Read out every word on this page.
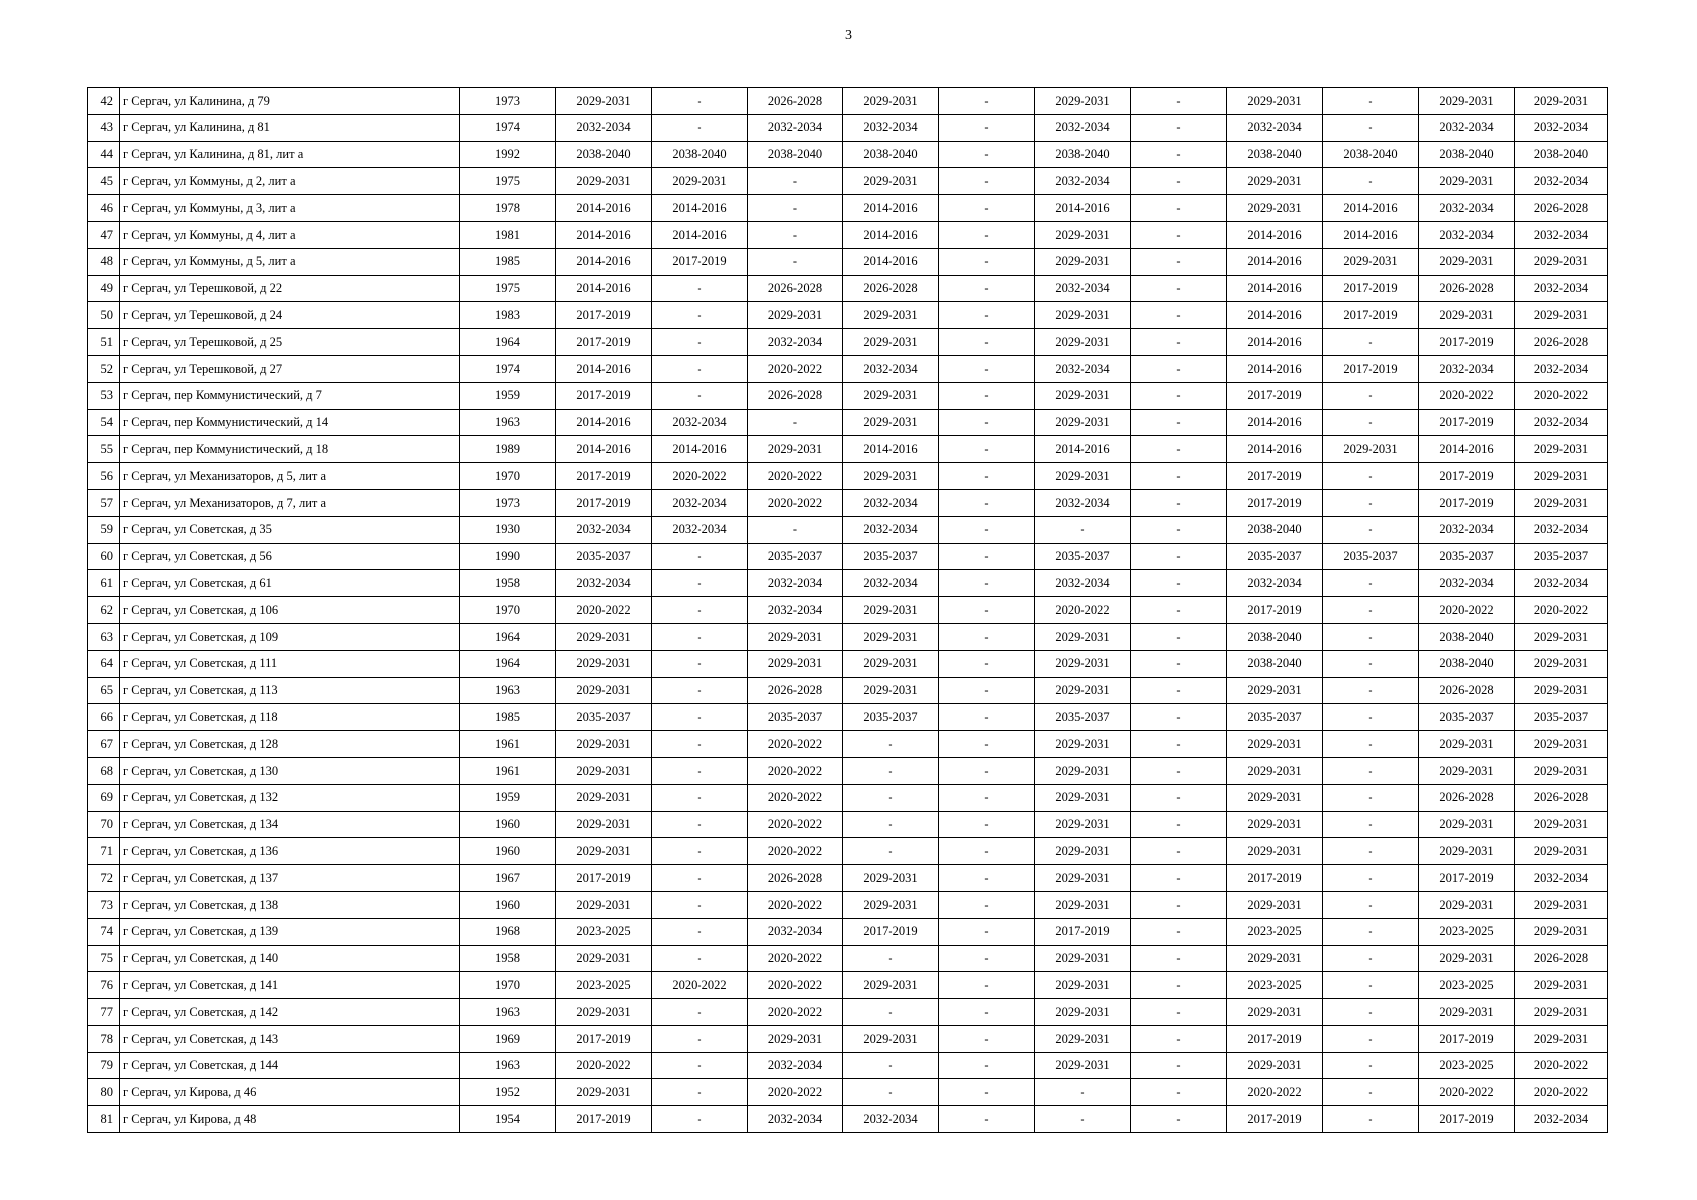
3
42	г Сергач, ул Калинина, д 79	1973	2029-2031	-	2026-2028	2029-2031	-	2029-2031	-	2029-2031	-	2029-2031	2029-2031
43	г Сергач, ул Калинина, д 81	1974	2032-2034	-	2032-2034	2032-2034	-	2032-2034	-	2032-2034	-	2032-2034	2032-2034
44	г Сергач, ул Калинина, д 81, лит а	1992	2038-2040	2038-2040	2038-2040	2038-2040	-	2038-2040	-	2038-2040	2038-2040	2038-2040	2038-2040
45	г Сергач, ул Коммуны, д 2, лит а	1975	2029-2031	2029-2031	-	2029-2031	-	2032-2034	-	2029-2031	-	2029-2031	2032-2034
46	г Сергач, ул Коммуны, д 3, лит а	1978	2014-2016	2014-2016	-	2014-2016	-	2014-2016	-	2029-2031	2014-2016	2032-2034	2026-2028
47	г Сергач, ул Коммуны, д 4, лит а	1981	2014-2016	2014-2016	-	2014-2016	-	2029-2031	-	2014-2016	2014-2016	2032-2034	2032-2034
48	г Сергач, ул Коммуны, д 5, лит а	1985	2014-2016	2017-2019	-	2014-2016	-	2029-2031	-	2014-2016	2029-2031	2029-2031	2029-2031
49	г Сергач, ул Терешковой, д 22	1975	2014-2016	-	2026-2028	2026-2028	-	2032-2034	-	2014-2016	2017-2019	2026-2028	2032-2034
50	г Сергач, ул Терешковой, д 24	1983	2017-2019	-	2029-2031	2029-2031	-	2029-2031	-	2014-2016	2017-2019	2029-2031	2029-2031
51	г Сергач, ул Терешковой, д 25	1964	2017-2019	-	2032-2034	2029-2031	-	2029-2031	-	2014-2016	-	2017-2019	2026-2028
52	г Сергач, ул Терешковой, д 27	1974	2014-2016	-	2020-2022	2032-2034	-	2032-2034	-	2014-2016	2017-2019	2032-2034	2032-2034
53	г Сергач, пер Коммунистический, д 7	1959	2017-2019	-	2026-2028	2029-2031	-	2029-2031	-	2017-2019	-	2020-2022	2020-2022
54	г Сергач, пер Коммунистический, д 14	1963	2014-2016	2032-2034	-	2029-2031	-	2029-2031	-	2014-2016	-	2017-2019	2032-2034
55	г Сергач, пер Коммунистический, д 18	1989	2014-2016	2014-2016	2029-2031	2014-2016	-	2014-2016	-	2014-2016	2029-2031	2014-2016	2029-2031
56	г Сергач, ул Механизаторов, д 5, лит а	1970	2017-2019	2020-2022	2020-2022	2029-2031	-	2029-2031	-	2017-2019	-	2017-2019	2029-2031
57	г Сергач, ул Механизаторов, д 7, лит а	1973	2017-2019	2032-2034	2020-2022	2032-2034	-	2032-2034	-	2017-2019	-	2017-2019	2029-2031
59	г Сергач, ул Советская, д 35	1930	2032-2034	2032-2034	-	2032-2034	-	-	-	2038-2040	-	2032-2034	2032-2034
60	г Сергач, ул Советская, д 56	1990	2035-2037	-	2035-2037	2035-2037	-	2035-2037	-	2035-2037	2035-2037	2035-2037	2035-2037
61	г Сергач, ул Советская, д 61	1958	2032-2034	-	2032-2034	2032-2034	-	2032-2034	-	2032-2034	-	2032-2034	2032-2034
62	г Сергач, ул Советская, д 106	1970	2020-2022	-	2032-2034	2029-2031	-	2020-2022	-	2017-2019	-	2020-2022	2020-2022
63	г Сергач, ул Советская, д 109	1964	2029-2031	-	2029-2031	2029-2031	-	2029-2031	-	2038-2040	-	2038-2040	2029-2031
64	г Сергач, ул Советская, д 111	1964	2029-2031	-	2029-2031	2029-2031	-	2029-2031	-	2038-2040	-	2038-2040	2029-2031
65	г Сергач, ул Советская, д 113	1963	2029-2031	-	2026-2028	2029-2031	-	2029-2031	-	2029-2031	-	2026-2028	2029-2031
66	г Сергач, ул Советская, д 118	1985	2035-2037	-	2035-2037	2035-2037	-	2035-2037	-	2035-2037	-	2035-2037	2035-2037
67	г Сергач, ул Советская, д 128	1961	2029-2031	-	2020-2022	-	-	2029-2031	-	2029-2031	-	2029-2031	2029-2031
68	г Сергач, ул Советская, д 130	1961	2029-2031	-	2020-2022	-	-	2029-2031	-	2029-2031	-	2029-2031	2029-2031
69	г Сергач, ул Советская, д 132	1959	2029-2031	-	2020-2022	-	-	2029-2031	-	2029-2031	-	2026-2028	2026-2028
70	г Сергач, ул Советская, д 134	1960	2029-2031	-	2020-2022	-	-	2029-2031	-	2029-2031	-	2029-2031	2029-2031
71	г Сергач, ул Советская, д 136	1960	2029-2031	-	2020-2022	-	-	2029-2031	-	2029-2031	-	2029-2031	2029-2031
72	г Сергач, ул Советская, д 137	1967	2017-2019	-	2026-2028	2029-2031	-	2029-2031	-	2017-2019	-	2017-2019	2032-2034
73	г Сергач, ул Советская, д 138	1960	2029-2031	-	2020-2022	2029-2031	-	2029-2031	-	2029-2031	-	2029-2031	2029-2031
74	г Сергач, ул Советская, д 139	1968	2023-2025	-	2032-2034	2017-2019	-	2017-2019	-	2023-2025	-	2023-2025	2029-2031
75	г Сергач, ул Советская, д 140	1958	2029-2031	-	2020-2022	-	-	2029-2031	-	2029-2031	-	2029-2031	2026-2028
76	г Сергач, ул Советская, д 141	1970	2023-2025	2020-2022	2020-2022	2029-2031	-	2029-2031	-	2023-2025	-	2023-2025	2029-2031
77	г Сергач, ул Советская, д 142	1963	2029-2031	-	2020-2022	-	-	2029-2031	-	2029-2031	-	2029-2031	2029-2031
78	г Сергач, ул Советская, д 143	1969	2017-2019	-	2029-2031	2029-2031	-	2029-2031	-	2017-2019	-	2017-2019	2029-2031
79	г Сергач, ул Советская, д 144	1963	2020-2022	-	2032-2034	-	-	2029-2031	-	2029-2031	-	2023-2025	2020-2022
80	г Сергач, ул Кирова, д 46	1952	2029-2031	-	2020-2022	-	-	-	-	2020-2022	-	2020-2022	2020-2022
81	г Сергач, ул Кирова, д 48	1954	2017-2019	-	2032-2034	2032-2034	-	-	-	2017-2019	-	2017-2019	2032-2034
